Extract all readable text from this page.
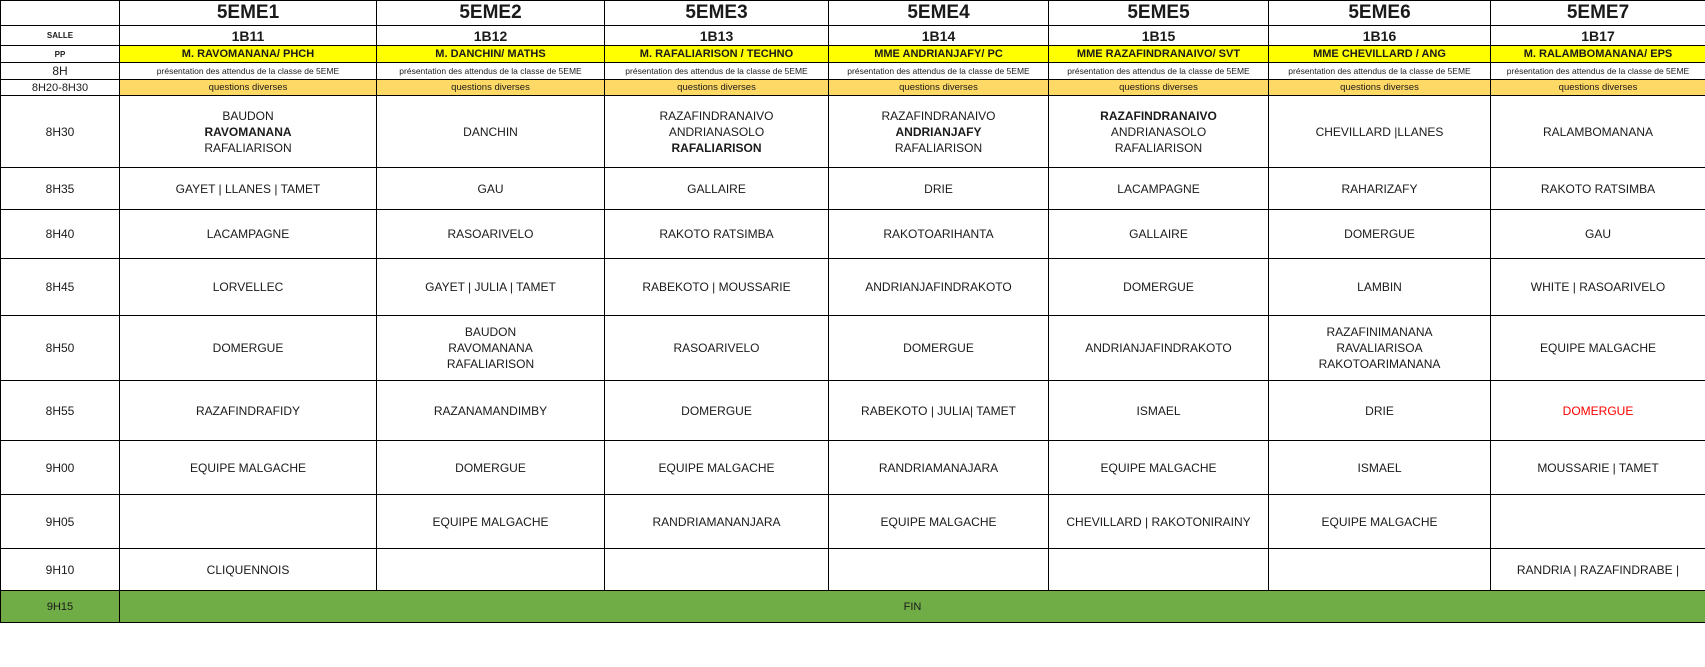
	5EME1	5EME2	5EME3	5EME4	5EME5	5EME6	5EME7
SALLE	1B11	1B12	1B13	1B14	1B15	1B16	1B17
PP	M. RAVOMANANA/ PHCH	M. DANCHIN/ MATHS	M. RAFALIARISON / TECHNO	MME ANDRIANJAFY/ PC	MME RAZAFINDRANAIVO/ SVT	MME CHEVILLARD / ANG	M. RALAMBOMANANA/ EPS
8H	présentation des attendus de la classe de 5EME	présentation des attendus de la classe de 5EME	présentation des attendus de la classe de 5EME	présentation des attendus de la classe de 5EME	présentation des attendus de la classe de 5EME	présentation des attendus de la classe de 5EME	présentation des attendus de la classe de 5EME
8H20-8H30	questions diverses	questions diverses	questions diverses	questions diverses	questions diverses	questions diverses	questions diverses
8H30	BAUDON
RAVOMANANA
RAFALIARISON	DANCHIN	RAZAFINDRANAIVO
ANDRIANASOLO
RAFALIARISON	RAZAFINDRANAIVO
ANDRIANJAFY
RAFALIARISON	RAZAFINDRANAIVO
ANDRIANASOLO
RAFALIARISON	CHEVILLARD |LLANES	RALAMBOMANANA

8H35	GAYET | LLANES | TAMET	GAU	GALLAIRE	DRIE	LACAMPAGNE	RAHARIZAFY	RAKOTO RATSIMBA

8H40	LACAMPAGNE	RASOARIVELO	RAKOTO RATSIMBA	RAKOTOARIHANTA	GALLAIRE	DOMERGUE	GAU

8H45	LORVELLEC	GAYET | JULIA | TAMET	RABEKOTO | MOUSSARIE	ANDRIANJAFINDRAKOTO	DOMERGUE	LAMBIN	WHITE | RASOARIVELO

8H50	DOMERGUE	BAUDON
RAVOMANANA
RAFALIARISON	RASOARIVELO	DOMERGUE	ANDRIANJAFINDRAKOTO	RAZAFINIMANANA
RAVALIARISOA
RAKOTOARIMANANA	EQUIPE MALGACHE

8H55	RAZAFINDRAFIDY	RAZANAMANDIMBY	DOMERGUE	RABEKOTO | JULIA| TAMET	ISMAEL	DRIE	DOMERGUE

9H00	EQUIPE MALGACHE	DOMERGUE	EQUIPE MALGACHE	RANDRIAMANAJARA	EQUIPE MALGACHE	ISMAEL	MOUSSARIE | TAMET

9H05		EQUIPE MALGACHE	RANDRIAMANANJARA	EQUIPE MALGACHE	CHEVILLARD | RAKOTONIRAINY	EQUIPE MALGACHE	

9H10	CLIQUENNOIS						RANDRIA | RAZAFINDRABE |

9H15	FIN						
